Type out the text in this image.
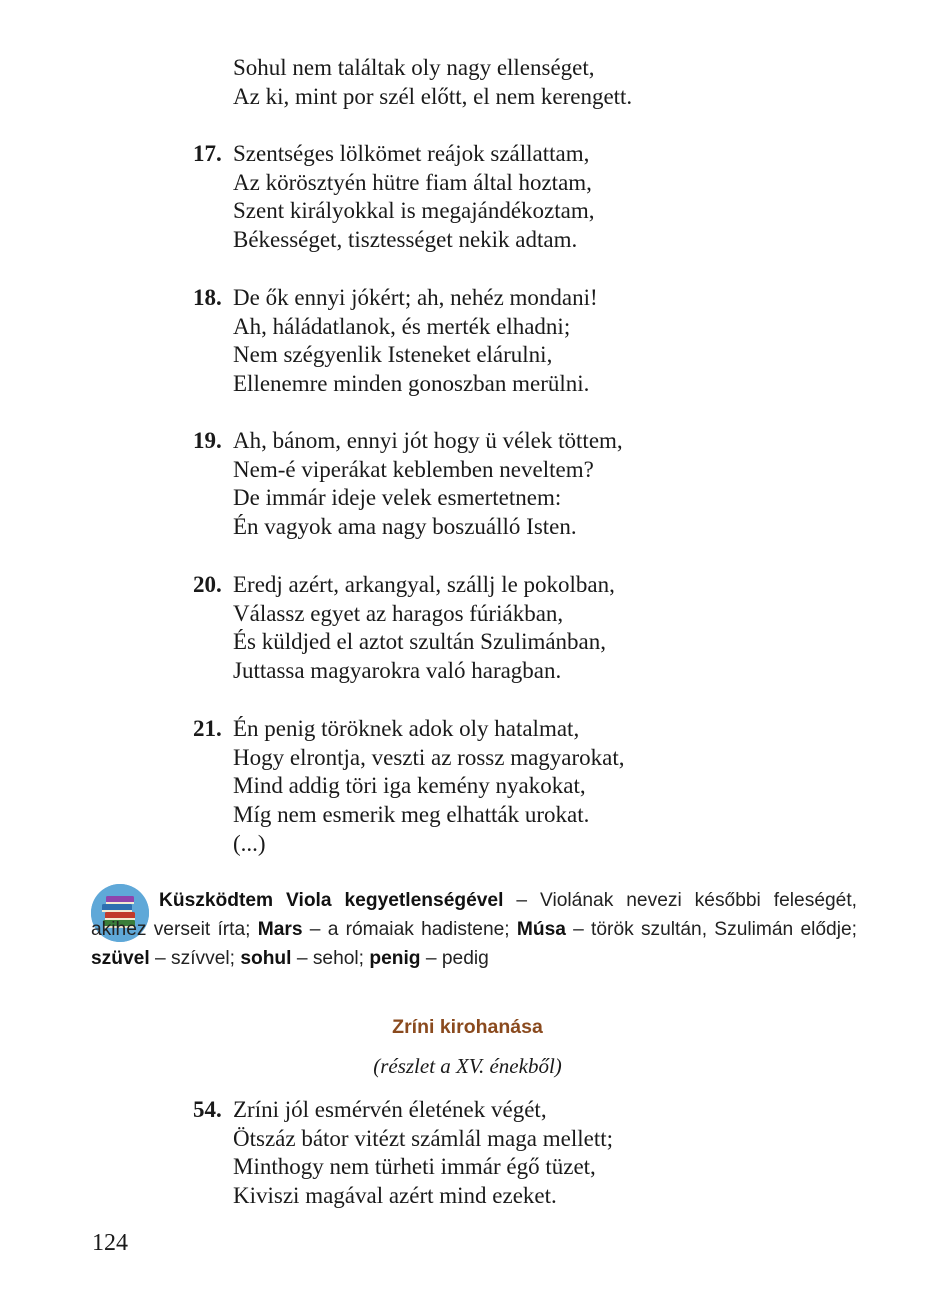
Sohul nem találtak oly nagy ellenséget,
Az ki, mint por szél előtt, el nem kerengett.
17. Szentséges lölkömet reájok szállattam,
Az körösztyén hütre fiam által hoztam,
Szent királyokkal is megajándékoztam,
Békességet, tisztességet nekik adtam.
18. De ők ennyi jókért; ah, nehéz mondani!
Ah, háládatlanok, és merték elhadni;
Nem szégyenlik Isteneket elárulni,
Ellenemre minden gonoszban merülni.
19. Ah, bánom, ennyi jót hogy ü vélek töttem,
Nem-é viperákat keblemben neveltem?
De immár ideje velek esmertetnem:
Én vagyok ama nagy boszuálló Isten.
20. Eredj azért, arkangyal, szállj le pokolban,
Válassz egyet az haragos fúriákban,
És küldjed el aztot szultán Szulimánban,
Juttassa magyarokra való haragban.
21. Én penig töröknek adok oly hatalmat,
Hogy elrontja, veszti az rossz magyarokat,
Mind addig töri iga kemény nyakokat,
Míg nem esmerik meg elhatták urokat.
(...)
Küszködtem Viola kegyetlenségével – Violának nevezi későbbi feleségét, akihez verseit írta; Mars – a rómaiak hadistene; Músa – török szultán, Szulimán elődje; szüvel – szívvel; sohul – sehol; penig – pedig
Zríni kirohanása
(részlet a XV. énekből)
54. Zríni jól esmérvén életének végét,
Ötszáz bátor vitézt számlál maga mellett;
Minthogy nem türheti immár égő tüzet,
Kiviszi magával azért mind ezeket.
124
